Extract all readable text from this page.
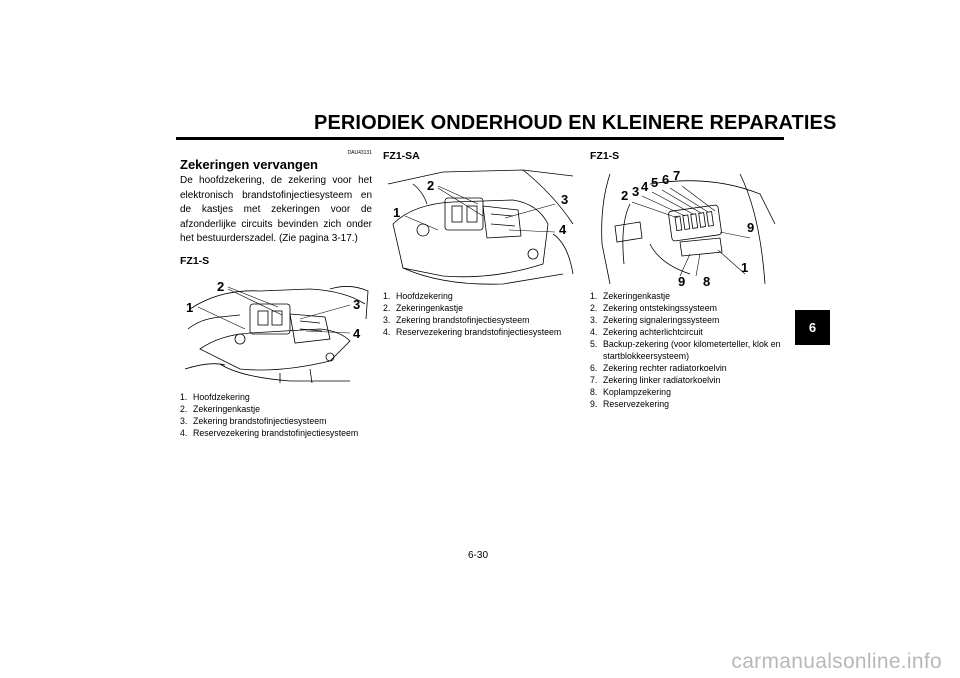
PERIODIEK ONDERHOUD EN KLEINERE REPARATIES
6
DAU43131
Zekeringen vervangen

De hoofdzekering, de zekering voor het elektronisch brandstofinjectiesysteem en de kastjes met zekeringen voor de afzonderlijke circuits bevinden zich onder het bestuurderszadel. (Zie pagina 3-17.)

FZ1-S
2
1	3
4
1. Hoofdzekering
2. Zekeringenkastje
3. Zekering brandstofinjectiesysteem
4. Reservezekering brandstofinjectiesysteem
FZ1-SA
2
1
3
4
1. Hoofdzekering
2. Zekeringenkastje
3. Zekering brandstofinjectiesysteem
4. Reservezekering brandstofinjectiesysteem
FZ1-S
2 3 4 5 6 7
9
1
9 8
1. Zekeringenkastje
2. Zekering ontstekingssysteem
3. Zekering signaleringssysteem
4. Zekering achterlichtcircuit
5. Backup-zekering (voor kilometerteller, klok en startblokkeersysteem)
6. Zekering rechter radiatorkoelvin
7. Zekering linker radiatorkoelvin
8. Koplampzekering
9. Reservezekering
6-30
carmanualsonline.info
